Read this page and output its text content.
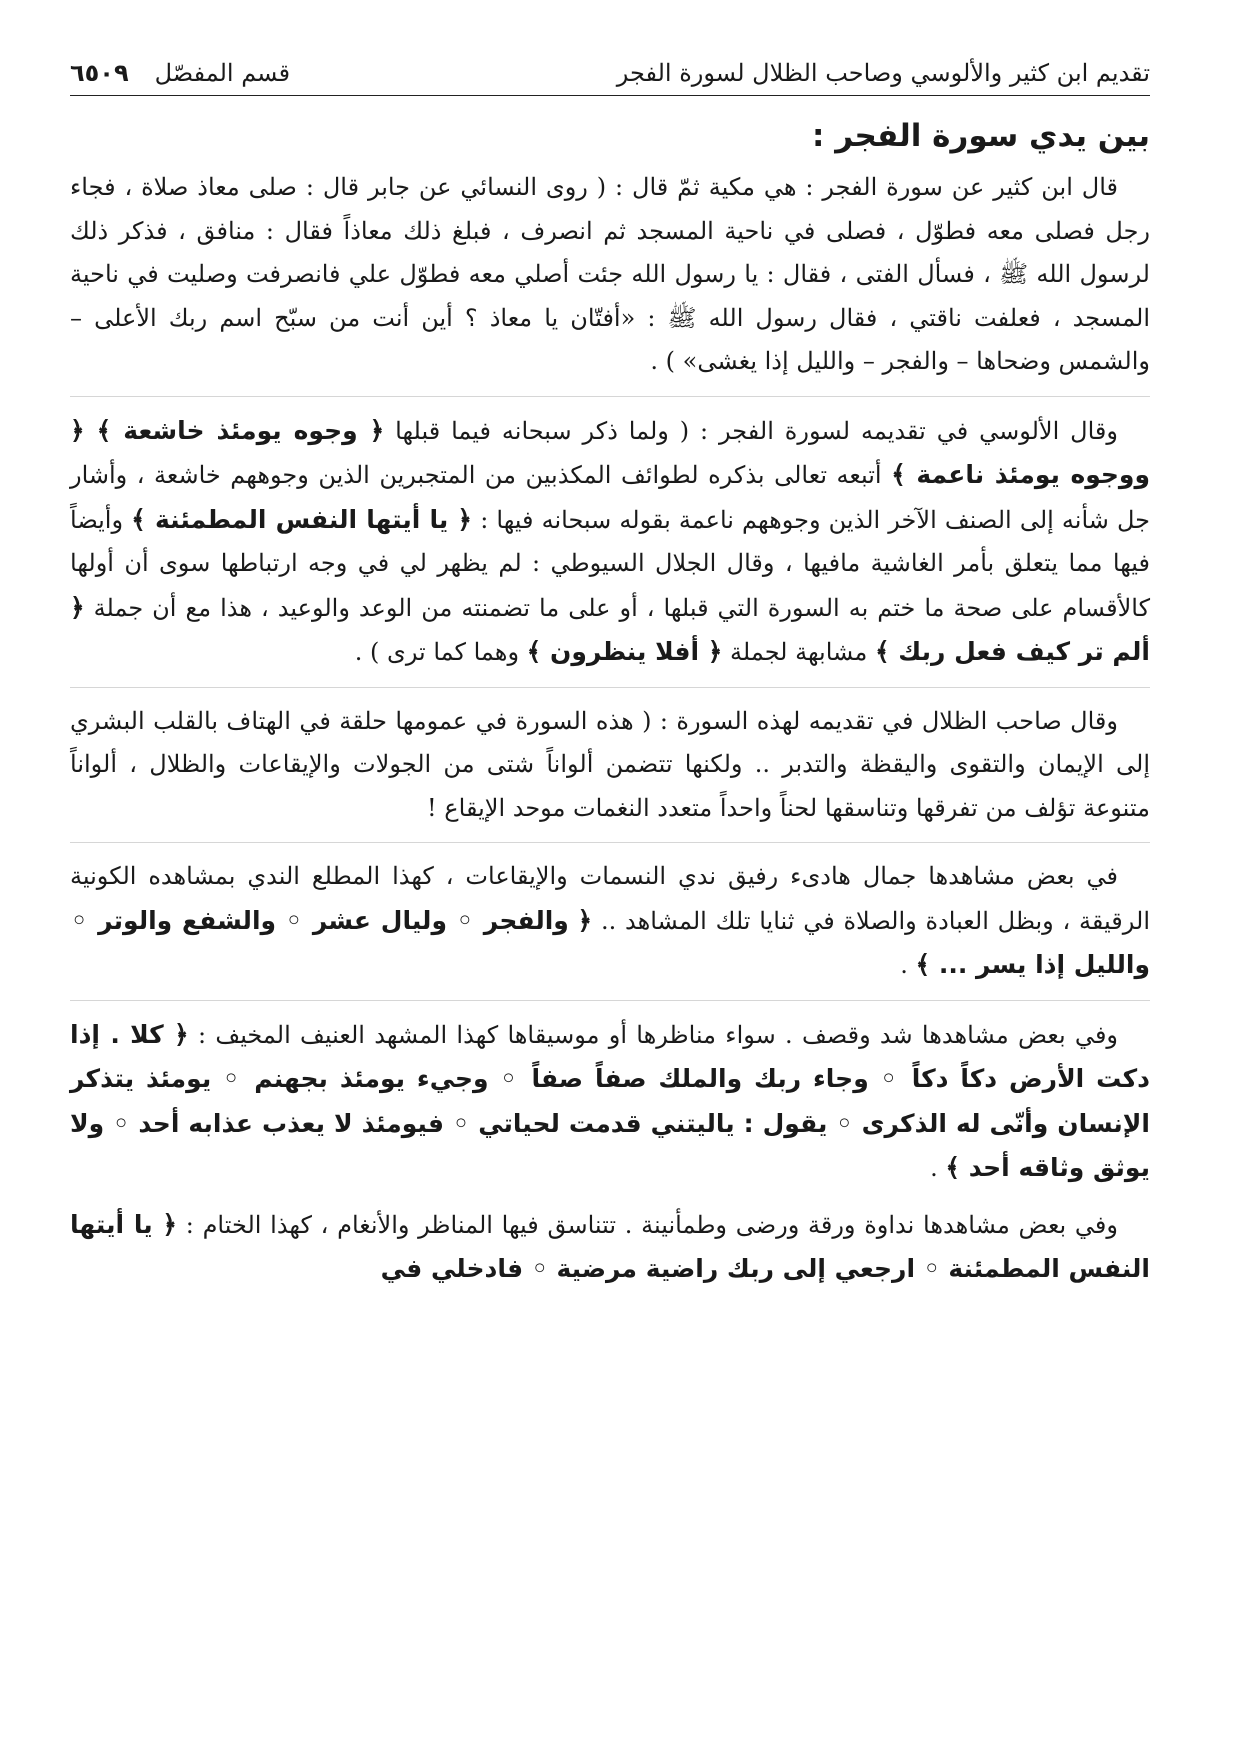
تقديم ابن كثير والألوسي وصاحب الظلال لسورة الفجر
قسم المفصّل
٦٥٠٩
بين يدي سورة الفجر :

قال ابن كثير عن سورة الفجر : هي مكية ثمّ قال : ( روى النسائي عن جابر قال : صلى معاذ صلاة ، فجاء رجل فصلى معه فطوّل ، فصلى في ناحية المسجد ثم انصرف ، فبلغ ذلك معاذاً فقال : منافق ، فذكر ذلك لرسول الله ﷺ ، فسأل الفتى ، فقال : يا رسول الله جئت أصلي معه فطوّل علي فانصرفت وصليت في ناحية المسجد ، فعلفت ناقتي ، فقال رسول الله ﷺ : «أفتّان يا معاذ ؟ أين أنت من سبّح اسم ربك الأعلى – والشمس وضحاها – والفجر – والليل إذا يغشى» ) .

وقال الألوسي في تقديمه لسورة الفجر : ( ولما ذكر سبحانه فيما قبلها ﴿ وجوه يومئذ خاشعة ﴾ ﴿ ووجوه يومئذ ناعمة ﴾ أتبعه تعالى بذكره لطوائف المكذبين من المتجبرين الذين وجوههم خاشعة ، وأشار جل شأنه إلى الصنف الآخر الذين وجوههم ناعمة بقوله سبحانه فيها : ﴿ يا أيتها النفس المطمئنة ﴾ وأيضاً فيها مما يتعلق بأمر الغاشية مافيها ، وقال الجلال السيوطي : لم يظهر لي في وجه ارتباطها سوى أن أولها كالأقسام على صحة ما ختم به السورة التي قبلها ، أو على ما تضمنته من الوعد والوعيد ، هذا مع أن جملة ﴿ ألم تر كيف فعل ربك ﴾ مشابهة لجملة ﴿ أفلا ينظرون ﴾ وهما كما ترى ) .

وقال صاحب الظلال في تقديمه لهذه السورة : ( هذه السورة في عمومها حلقة في الهتاف بالقلب البشري إلى الإيمان والتقوى واليقظة والتدبر .. ولكنها تتضمن ألواناً شتى من الجولات والإيقاعات والظلال ، ألواناً متنوعة تؤلف من تفرقها وتناسقها لحناً واحداً متعدد النغمات موحد الإيقاع !

في بعض مشاهدها جمال هادىء رفيق ندي النسمات والإيقاعات ، كهذا المطلع الندي بمشاهده الكونية الرقيقة ، وبظل العبادة والصلاة في ثنايا تلك المشاهد .. ﴿ والفجر ◦ وليال عشر ◦ والشفع والوتر ◦ والليل إذا يسر ... ﴾ .

وفي بعض مشاهدها شد وقصف . سواء مناظرها أو موسيقاها كهذا المشهد العنيف المخيف : ﴿ كلا . إذا دكت الأرض دكاً دكاً ◦ وجاء ربك والملك صفاً صفاً ◦ وجيء يومئذ بجهنم ◦ يومئذ يتذكر الإنسان وأنّى له الذكرى ◦ يقول : ياليتني قدمت لحياتي ◦ فيومئذ لا يعذب عذابه أحد ◦ ولا يوثق وثاقه أحد ﴾ .

وفي بعض مشاهدها نداوة ورقة ورضى وطمأنينة . تتناسق فيها المناظر والأنغام ، كهذا الختام : ﴿ يا أيتها النفس المطمئنة ◦ ارجعي إلى ربك راضية مرضية ◦ فادخلي في
